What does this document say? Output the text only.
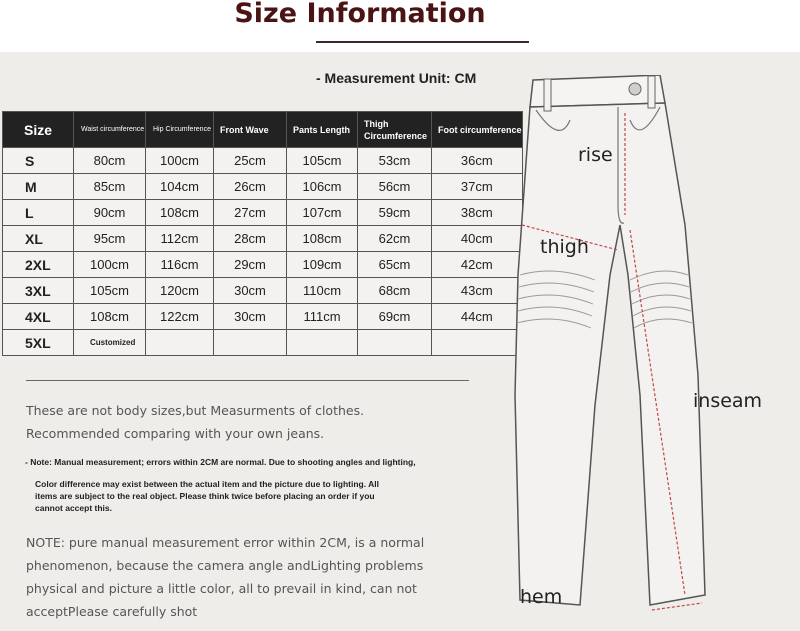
Size Information
- Measurement Unit: CM
Size	Waist circumference	Hip Circumference	Front Wave	Pants Length	Thigh Circumference	Foot circumference
S	80cm	100cm	25cm	105cm	53cm	36cm
M	85cm	104cm	26cm	106cm	56cm	37cm
L	90cm	108cm	27cm	107cm	59cm	38cm
XL	95cm	112cm	28cm	108cm	62cm	40cm
2XL	100cm	116cm	29cm	109cm	65cm	42cm
3XL	105cm	120cm	30cm	110cm	68cm	43cm
4XL	108cm	122cm	30cm	111cm	69cm	44cm
5XL	Customized					
These are not body sizes,but Measurments of clothes.
Recommended comparing with your own jeans.
- Note: Manual measurement; errors within 2CM are normal. Due to shooting angles and lighting,
Color difference may exist between the actual item and the picture due to lighting. All items are subject to the real object. Please think twice before placing an order if you cannot accept this.
NOTE: pure manual measurement error within 2CM, is a normal phenomenon, because the camera angle andLighting problems physical and picture a little color, all to prevail in kind, can not acceptPlease carefully shot
rise
thigh
inseam
hem
